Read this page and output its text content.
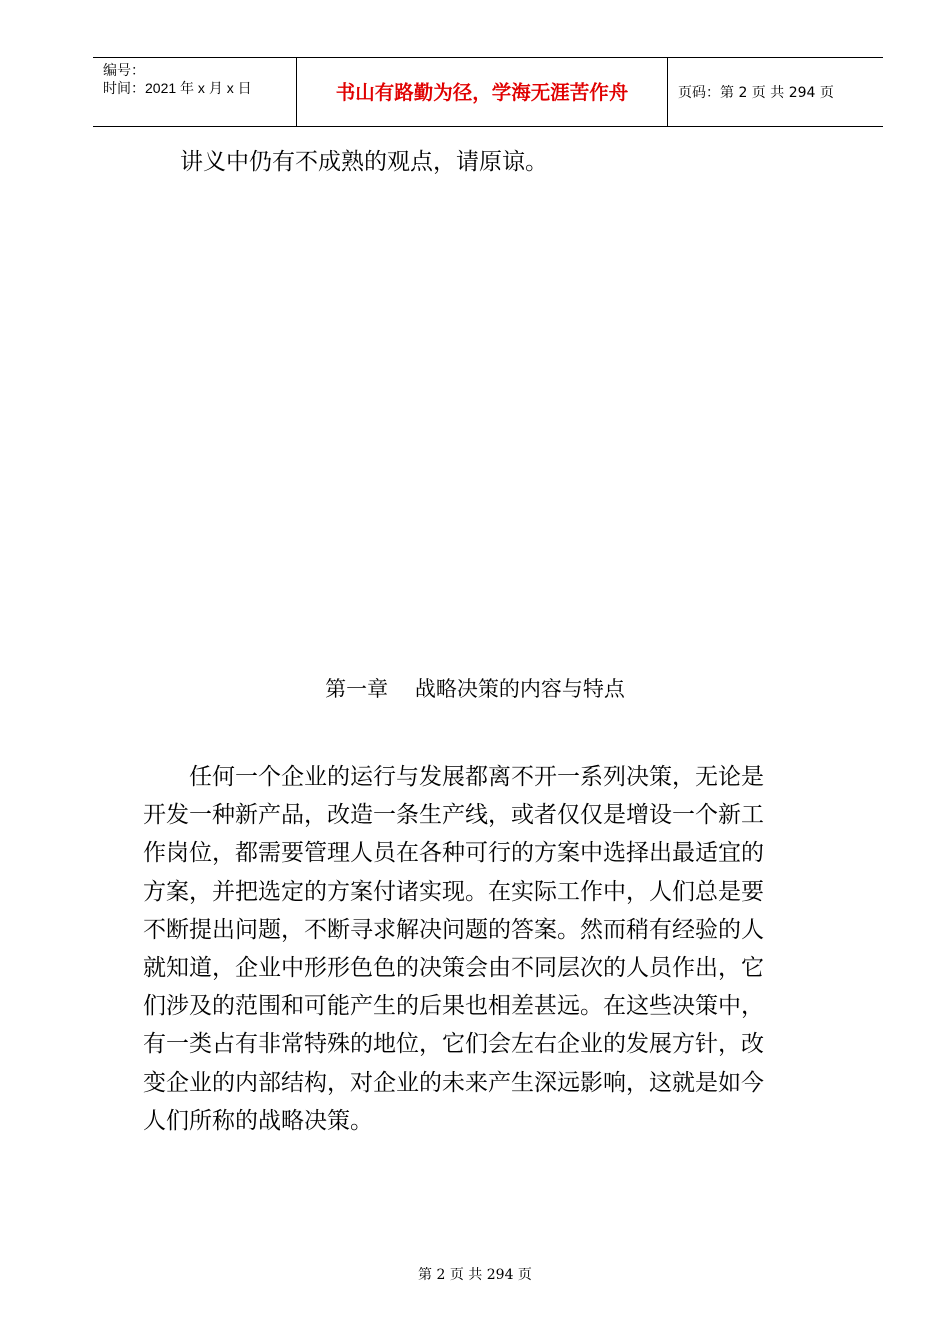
编号：
时间：2021 年 x 月 x 日	书山有路勤为径，学海无涯苦作舟	页码：第 2 页 共 294 页
讲义中仍有不成熟的观点，请原谅。
第一章    战略决策的内容与特点
任何一个企业的运行与发展都离不开一系列决策，无论是
开发一种新产品，改造一条生产线，或者仅仅是增设一个新工
作岗位，都需要管理人员在各种可行的方案中选择出最适宜的
方案，并把选定的方案付诸实现。在实际工作中，人们总是要
不断提出问题，不断寻求解决问题的答案。然而稍有经验的人
就知道，企业中形形色色的决策会由不同层次的人员作出，它
们涉及的范围和可能产生的后果也相差甚远。在这些决策中，
有一类占有非常特殊的地位，它们会左右企业的发展方针，改
变企业的内部结构，对企业的未来产生深远影响，这就是如今
人们所称的战略决策。
第 2 页 共 294 页
